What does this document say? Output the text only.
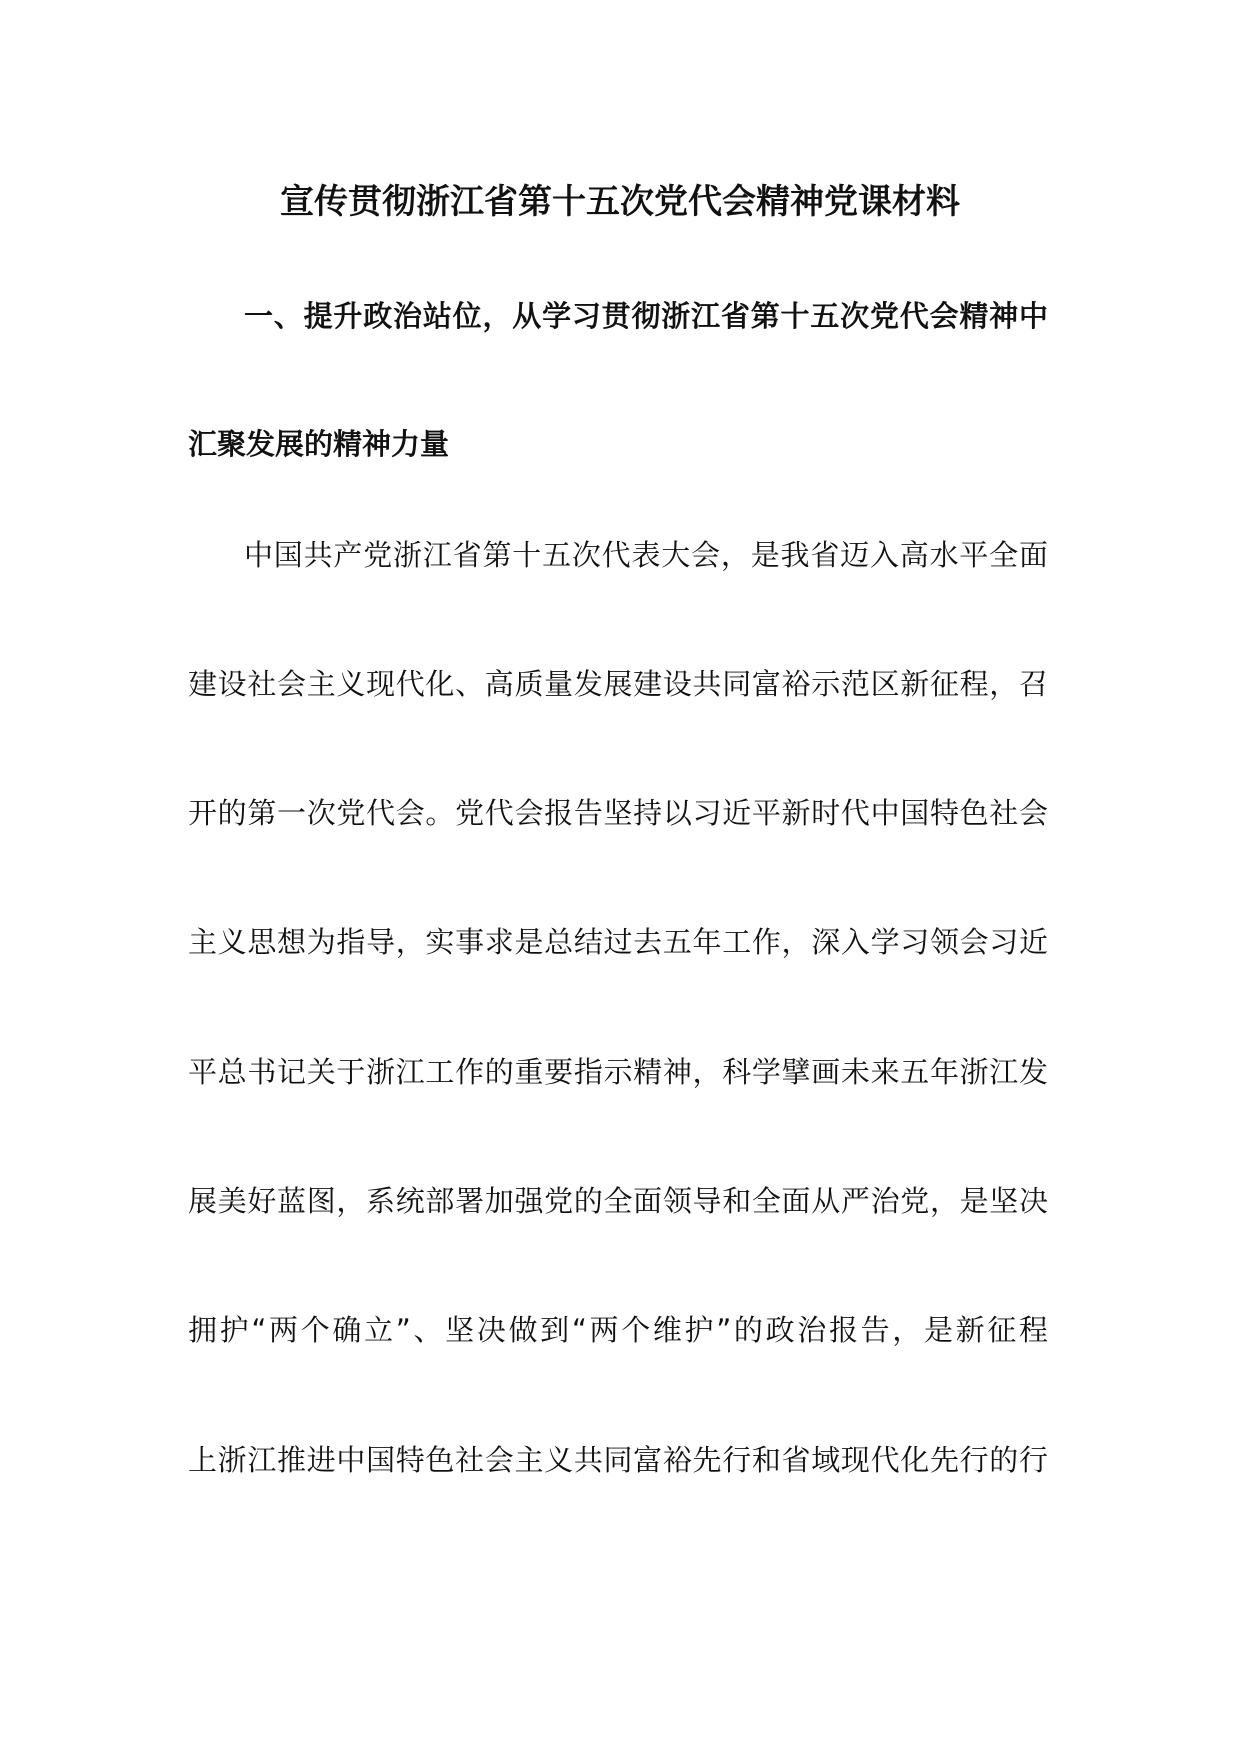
宣传贯彻浙江省第十五次党代会精神党课材料
一、提升政治站位，从学习贯彻浙江省第十五次党代会精神中
汇聚发展的精神力量
中国共产党浙江省第十五次代表大会，是我省迈入高水平全面
建设社会主义现代化、高质量发展建设共同富裕示范区新征程，召
开的第一次党代会。党代会报告坚持以习近平新时代中国特色社会
主义思想为指导，实事求是总结过去五年工作，深入学习领会习近
平总书记关于浙江工作的重要指示精神，科学擘画未来五年浙江发
展美好蓝图，系统部署加强党的全面领导和全面从严治党，是坚决
拥护“两个确立”、坚决做到“两个维护”的政治报告，是新征程
上浙江推进中国特色社会主义共同富裕先行和省域现代化先行的行
